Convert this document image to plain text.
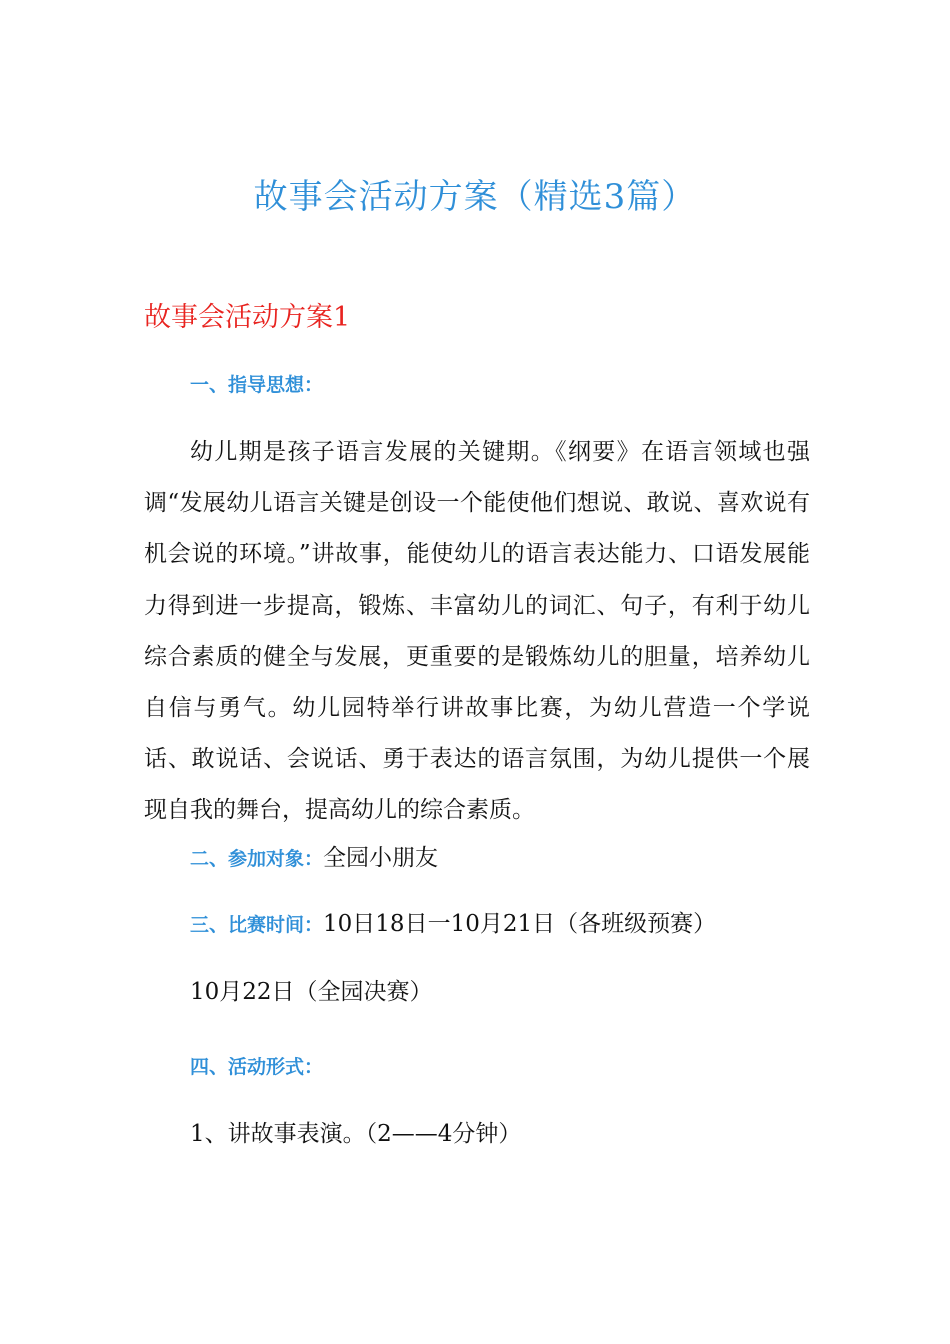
故事会活动方案（精选3篇）
故事会活动方案1
一、指导思想：

幼儿期是孩子语言发展的关键期。《纲要》在语言领域也强调“发展幼儿语言关键是创设一个能使他们想说、敢说、喜欢说有机会说的环境。”讲故事，能使幼儿的语言表达能力、口语发展能力得到进一步提高，锻炼、丰富幼儿的词汇、句子，有利于幼儿综合素质的健全与发展，更重要的是锻炼幼儿的胆量，培养幼儿自信与勇气。幼儿园特举行讲故事比赛，为幼儿营造一个学说话、敢说话、会说话、勇于表达的语言氛围，为幼儿提供一个展现自我的舞台，提高幼儿的综合素质。

二、参加对象：全园小朋友
三、比赛时间：10日18日一10月21日（各班级预赛）
10月22日（全园决赛）
四、活动形式：
1、讲故事表演。（2——4分钟）
